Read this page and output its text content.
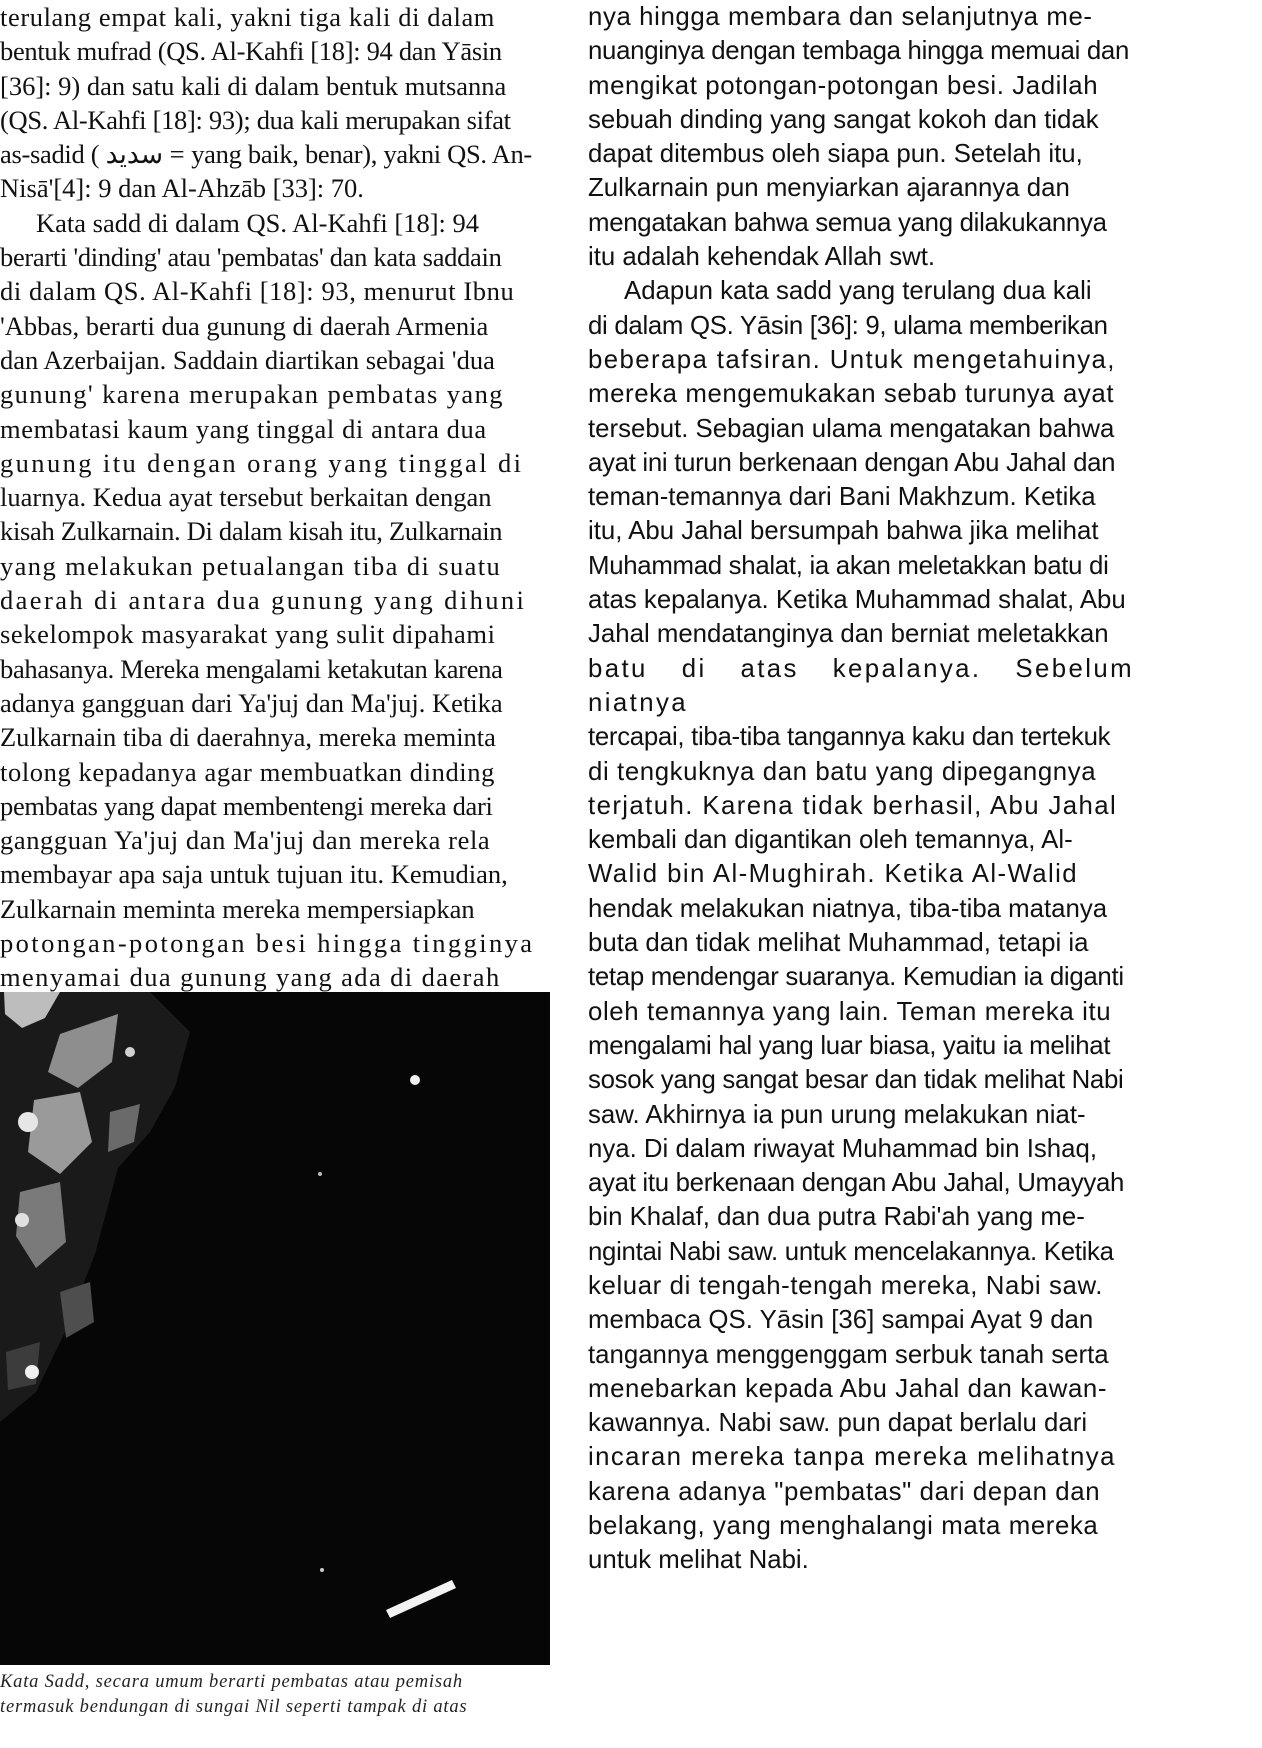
terulang empat kali, yakni tiga kali di dalam

bentuk mufrad (QS. Al-Kahfi [18]: 94 dan Yāsin

[36]: 9) dan satu kali di dalam bentuk mutsanna

(QS. Al-Kahfi [18]: 93); dua kali merupakan sifat

as-sadid ( سديد = yang baik, benar), yakni QS. An-

Nisā'[4]: 9 dan Al-Ahzāb [33]: 70.

Kata sadd di dalam QS. Al-Kahfi [18]: 94

berarti 'dinding' atau 'pembatas' dan kata saddain

di dalam QS. Al-Kahfi [18]: 93, menurut Ibnu

'Abbas, berarti dua gunung di daerah Armenia

dan Azerbaijan. Saddain diartikan sebagai 'dua

gunung' karena merupakan pembatas yang

membatasi kaum yang tinggal di antara dua

gunung itu dengan orang yang tinggal di

luarnya. Kedua ayat tersebut berkaitan dengan

kisah Zulkarnain. Di dalam kisah itu, Zulkarnain

yang melakukan petualangan tiba di suatu

daerah di antara dua gunung yang dihuni

sekelompok masyarakat yang sulit dipahami

bahasanya. Mereka mengalami ketakutan karena

adanya gangguan dari Ya'juj dan Ma'juj. Ketika

Zulkarnain tiba di daerahnya, mereka meminta

tolong kepadanya agar membuatkan dinding

pembatas yang dapat membentengi mereka dari

gangguan Ya'juj dan Ma'juj dan mereka rela

membayar apa saja untuk tujuan itu. Kemudian,

Zulkarnain meminta mereka mempersiapkan

potongan-potongan besi hingga tingginya

menyamai dua gunung yang ada di daerah

Kata Sadd, secara umum berarti pembatas atau pemisah

termasuk bendungan di sungai Nil seperti tampak di atas

nya hingga membara dan selanjutnya me-

nuanginya dengan tembaga hingga memuai dan

mengikat potongan-potongan besi. Jadilah

sebuah dinding yang sangat kokoh dan tidak

dapat ditembus oleh siapa pun. Setelah itu,

Zulkarnain pun menyiarkan ajarannya dan

mengatakan bahwa semua yang dilakukannya

itu adalah kehendak Allah swt.

Adapun kata sadd yang terulang dua kali

di dalam QS. Yāsin [36]: 9, ulama memberikan

beberapa tafsiran. Untuk mengetahuinya,

mereka mengemukakan sebab turunya ayat

tersebut. Sebagian ulama mengatakan bahwa

ayat ini turun berkenaan dengan Abu Jahal dan

teman-temannya dari Bani Makhzum. Ketika

itu, Abu Jahal bersumpah bahwa jika melihat

Muhammad shalat, ia akan meletakkan batu di

atas kepalanya. Ketika Muhammad shalat, Abu

Jahal mendatanginya dan berniat meletakkan

batu di atas kepalanya. Sebelum niatnya

tercapai, tiba-tiba tangannya kaku dan tertekuk

di tengkuknya dan batu yang dipegangnya

terjatuh. Karena tidak berhasil, Abu Jahal

kembali dan digantikan oleh temannya, Al-

Walid bin Al-Mughirah. Ketika Al-Walid

hendak melakukan niatnya, tiba-tiba matanya

buta dan tidak melihat Muhammad, tetapi ia

tetap mendengar suaranya. Kemudian ia diganti

oleh temannya yang lain. Teman mereka itu

mengalami hal yang luar biasa, yaitu ia melihat

sosok yang sangat besar dan tidak melihat Nabi

saw. Akhirnya ia pun urung melakukan niat-

nya. Di dalam riwayat Muhammad bin Ishaq,

ayat itu berkenaan dengan Abu Jahal, Umayyah

bin Khalaf, dan dua putra Rabi'ah yang me-

ngintai Nabi saw. untuk mencelakannya. Ketika

keluar di tengah-tengah mereka, Nabi saw.

membaca QS. Yāsin [36] sampai Ayat 9 dan

tangannya menggenggam serbuk tanah serta

menebarkan kepada Abu Jahal dan kawan-

kawannya. Nabi saw. pun dapat berlalu dari

incaran mereka tanpa mereka melihatnya

karena adanya "pembatas" dari depan dan

belakang, yang menghalangi mata mereka

untuk melihat Nabi.
